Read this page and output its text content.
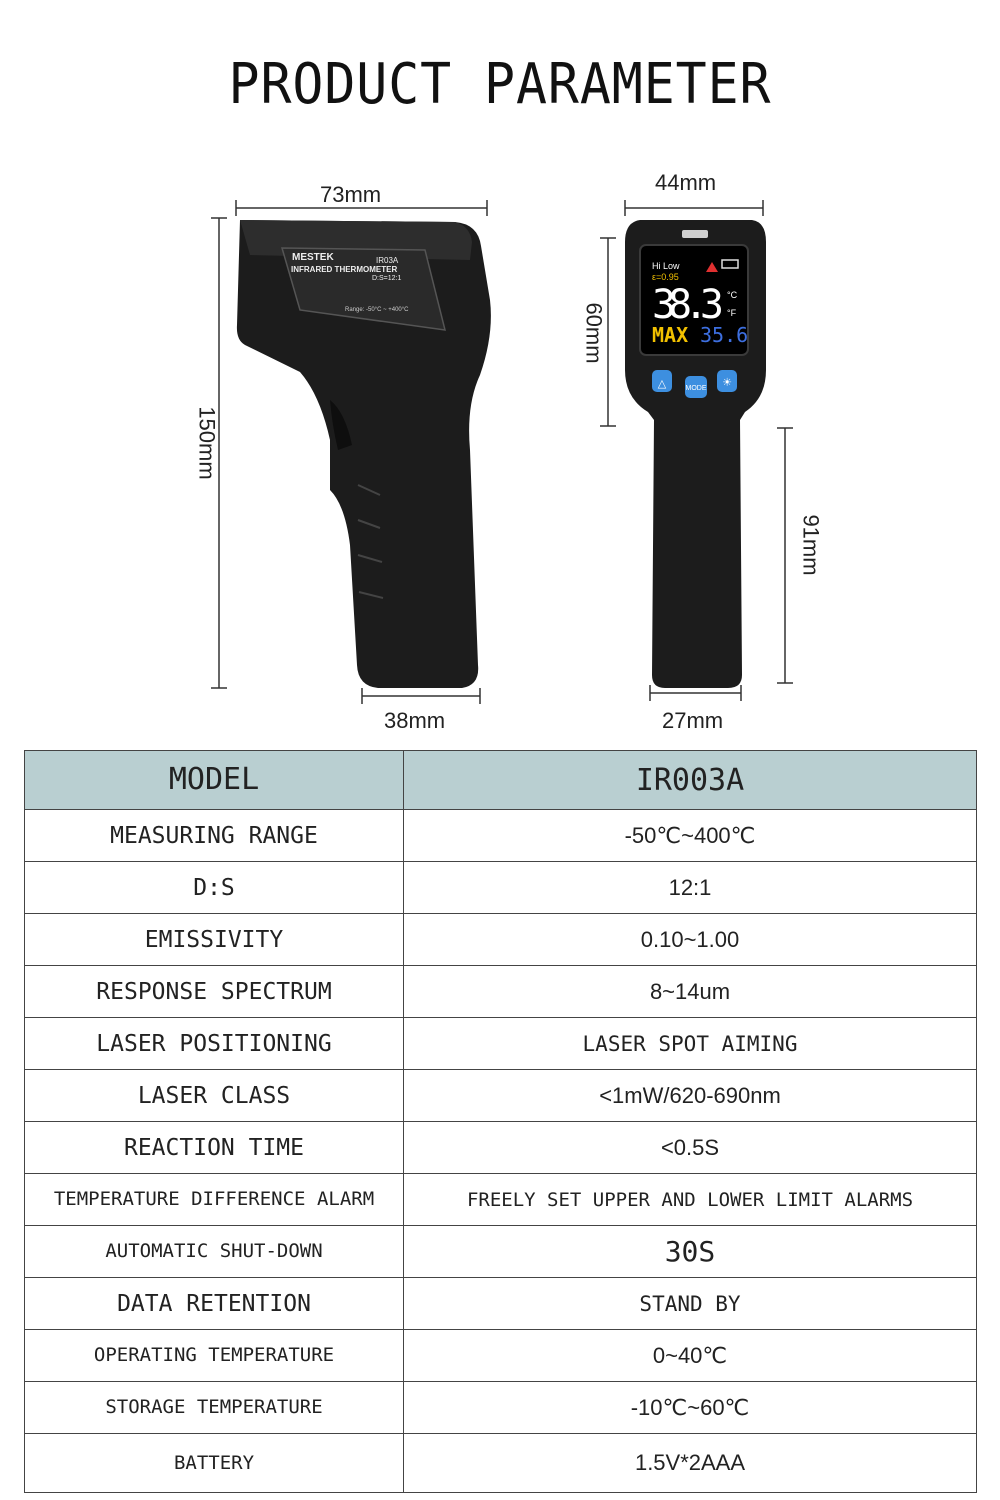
PRODUCT PARAMETER
MESTEK	IR03A
INFRARED THERMOMETER
D:S=12:1
Range: -50°C ~ +400°C
△	☀
Hi Low
ε=0.95
38.3 °C
°F
MAX 35.6
MODE
73mm
150mm
38mm
44mm
60mm
91mm
27mm
MODEL	IR003A
MEASURING RANGE	-50℃~400℃
D:S	12:1
EMISSIVITY	0.10~1.00
RESPONSE SPECTRUM	8~14um
LASER POSITIONING	LASER SPOT AIMING
LASER CLASS	<1mW/620-690nm
REACTION TIME	<0.5S
TEMPERATURE DIFFERENCE ALARM	FREELY SET UPPER AND LOWER LIMIT ALARMS
AUTOMATIC SHUT-DOWN	30S
DATA RETENTION	STAND BY
OPERATING TEMPERATURE	0~40℃
STORAGE TEMPERATURE	-10℃~60℃
BATTERY	1.5V*2AAA
